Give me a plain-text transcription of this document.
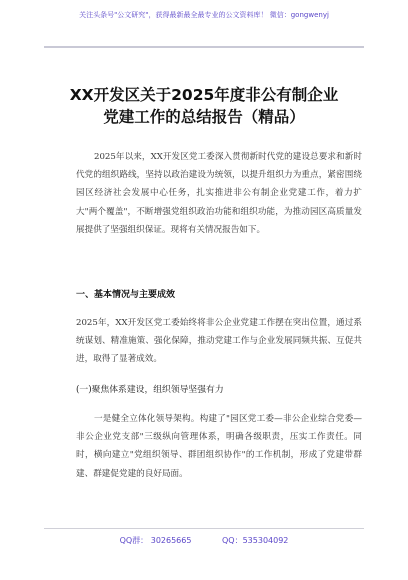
关注头条号"公文研究"，获得最新最全最专业的公文资料库！ 微信：gongwenyj
XX开发区关于2025年度非公有制企业
党建工作的总结报告（精品）
2025年以来，XX开发区党工委深入贯彻新时代党的建设总要求和新时代党的组织路线，坚持以政治建设为统领，以提升组织力为重点，紧密围绕园区经济社会发展中心任务，扎实推进非公有制企业党建工作，着力扩大"两个覆盖"，不断增强党组织政治功能和组织功能，为推动园区高质量发展提供了坚强组织保证。现将有关情况报告如下。
一、基本情况与主要成效
2025年，XX开发区党工委始终将非公企业党建工作摆在突出位置，通过系统谋划、精准施策、强化保障，推动党建工作与企业发展同频共振、互促共进，取得了显著成效。
(一)聚焦体系建设，组织领导坚强有力
一是健全立体化领导架构。构建了"园区党工委—非公企业综合党委—非公企业党支部"三级纵向管理体系，明确各级职责，压实工作责任。同时，横向建立"党组织领导、群团组织协作"的工作机制，形成了党建带群建、群建促党建的良好局面。
QQ群： 30265665	QQ：535304092
